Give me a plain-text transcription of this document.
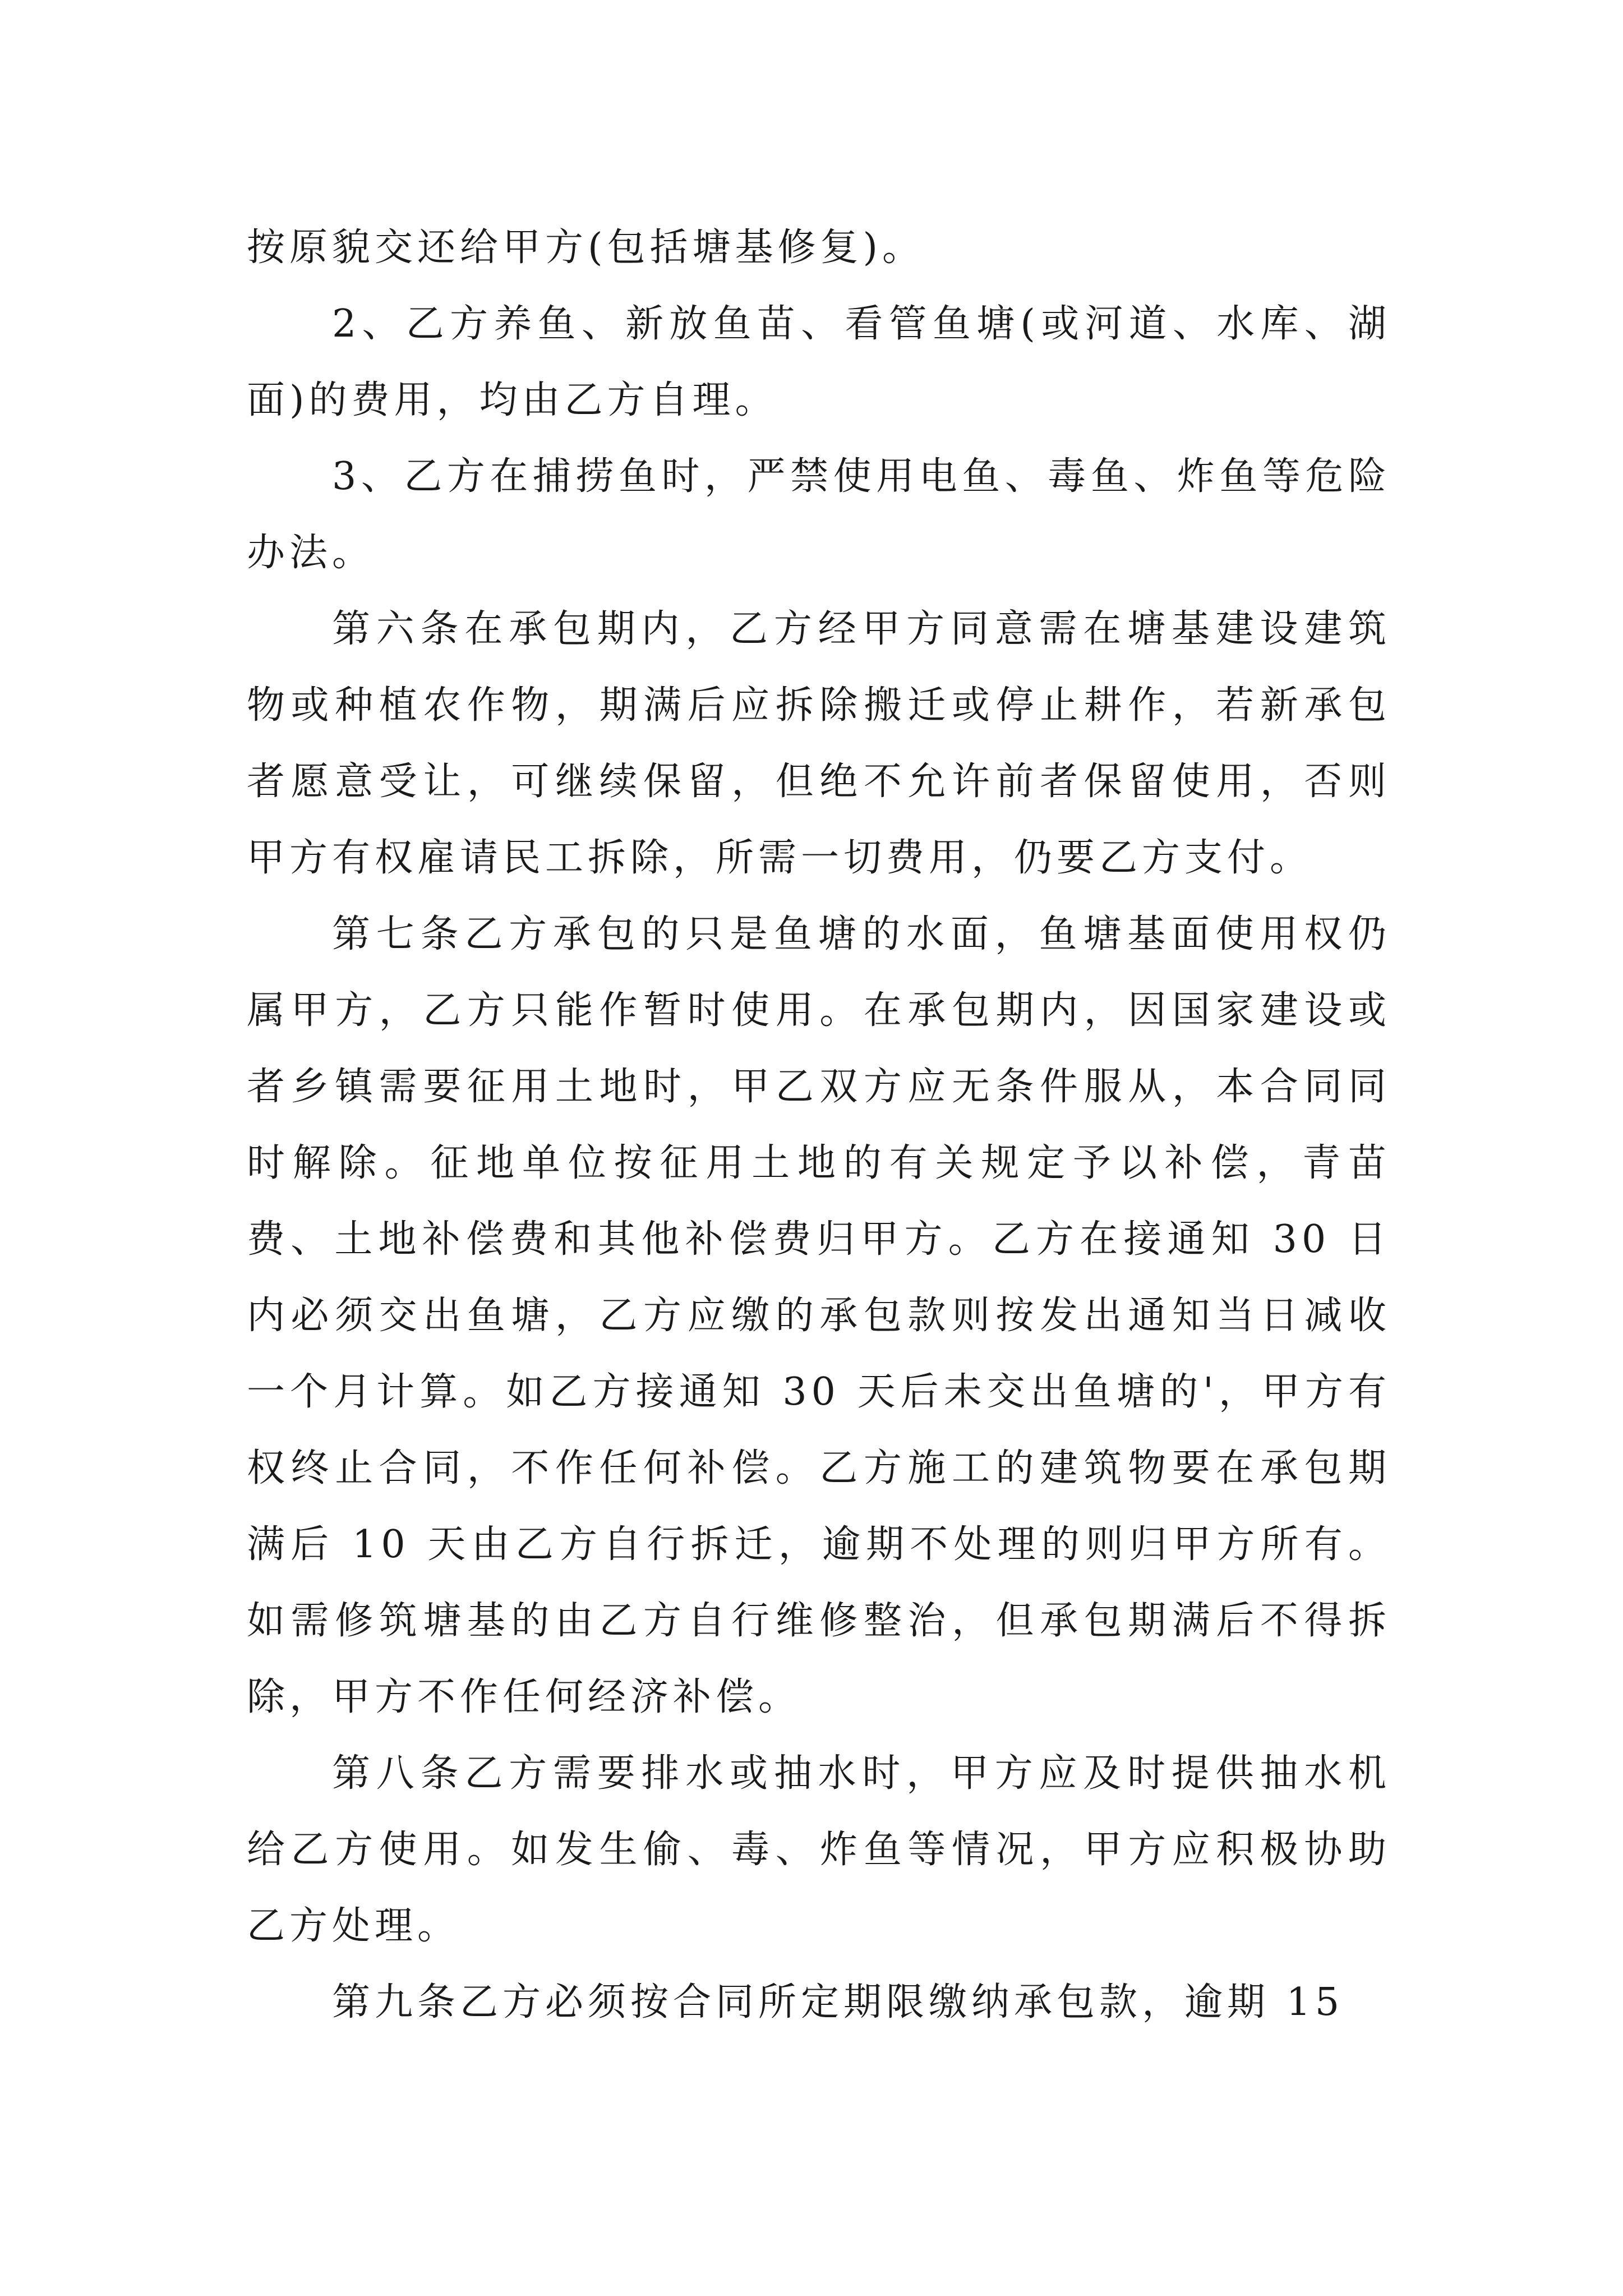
按原貌交还给甲方(包括塘基修复)。

2、乙方养鱼、新放鱼苗、看管鱼塘(或河道、水库、湖面)的费用，均由乙方自理。

3、乙方在捕捞鱼时，严禁使用电鱼、毒鱼、炸鱼等危险办法。

第六条在承包期内，乙方经甲方同意需在塘基建设建筑物或种植农作物，期满后应拆除搬迁或停止耕作，若新承包者愿意受让，可继续保留，但绝不允许前者保留使用，否则甲方有权雇请民工拆除，所需一切费用，仍要乙方支付。

第七条乙方承包的只是鱼塘的水面，鱼塘基面使用权仍属甲方，乙方只能作暂时使用。在承包期内，因国家建设或者乡镇需要征用土地时，甲乙双方应无条件服从，本合同同时解除。征地单位按征用土地的有关规定予以补偿，青苗费、土地补偿费和其他补偿费归甲方。乙方在接通知 30 日内必须交出鱼塘，乙方应缴的承包款则按发出通知当日减收一个月计算。如乙方接通知 30 天后未交出鱼塘的'，甲方有权终止合同，不作任何补偿。乙方施工的建筑物要在承包期满后 10 天由乙方自行拆迁，逾期不处理的则归甲方所有。如需修筑塘基的由乙方自行维修整治，但承包期满后不得拆除，甲方不作任何经济补偿。

第八条乙方需要排水或抽水时，甲方应及时提供抽水机给乙方使用。如发生偷、毒、炸鱼等情况，甲方应积极协助乙方处理。

第九条乙方必须按合同所定期限缴纳承包款，逾期 15
